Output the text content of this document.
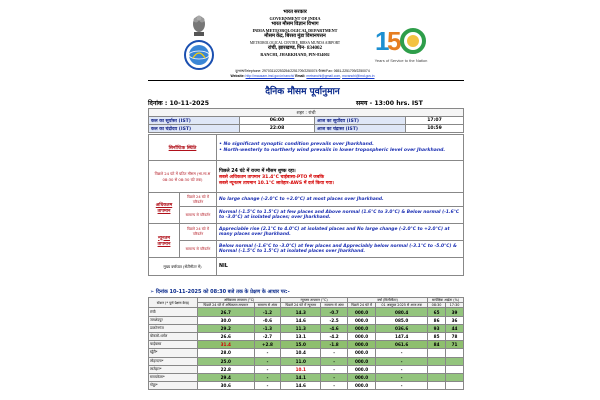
भारत सरकार
GOVERNMENT OF INDIA
भारत मौसम विज्ञान विभाग
INDIA METEOROLOGICAL DEPARTMENT
मौसम केंद्र, बिरसा मुंडा विमानपत्तन
METEOROLOGICAL CENTRE, BIRSA MUNDA AIRPORT
रांची, झारखण्ड, पिन- 834002
RANCHI, JHARKHAND, PIN-834002	1
5
Years of Service to the Nation
दूरभाष/Telephone: 2970311/2253254/2251709/2250074 फैक्स/Fax: 0651-2251709/2250074
Website: http://mausam.imd.gov.in/ranchi/ Email: metranchi@gmail.com, mcranchi@imd.gov.in
दैनिक मौसम पूर्वानुमान
दिनांक : 10-11-2025	समय - 13:00 hrs. IST
शहर : रांची			
कल का सूर्यास्त (IST)	06:00	आज का सूर्योदय (IST)	17:07
कल का चंद्रोदय (IST)	22:08	आज का चंद्रास्त (IST)	10:59
सिनॉप्टिक स्थिति		• No significant synoptic condition prevails over Jharkhand.
• North-westerly to northerly wind prevails in lower tropospheric level over Jharkhand.

पिछले 24 घंटे में घटित मौसम (भा.मा.स 08:30 से 08:30 घंटे तक)		पिछले 24 घंटे में राज्य में मौसम शुष्क रहा।
सबसे अधिकतम तापमान 31.4°C चाईबासा-PTO में जबकि
सबसे न्यूनतम तापमान 10.1°C लातेहार-AWS में दर्ज किया गया।

अधिकतम तापमान	पिछले 24 घंटे में परिवर्तन	No large change (-2.0°C to +2.0°C) at most places over Jharkhand.
	सामान्य से परिवर्तन	Normal (-1.5°C to 1.5°C) at few places and Above normal (1.6°C to 3.0°C) & Below normal (-1.6°C to -3.0°C) at isolated places; over Jharkhand.
न्यूनतम तापमान	पिछले 24 घंटे में परिवर्तन	Appreciable rise (2.1°C to 4.0°C) at isolated places and No large change (-2.0°C to +2.0°C) at many places over Jharkhand.
	सामान्य से परिवर्तन	Below normal (-1.6°C to -3.0°C) at few places and Appreciably below normal (-3.1°C to -5.0°C) & Normal (-1.5°C to 1.5°C) at isolated places over Jharkhand.
मुख्य वर्षापात (सेंटीमीटर में)		NIL
➢ दिनांक 10-11-2025 को 08:30 बजे तक के प्रेक्षण के आधार पर:-
स्टेशन (* पूर्ण प्रेक्षण केन्द्र)	अधिकतम तापमान (°C)		न्यूनतम तापमान (°C)		वर्षा (मिलीमीटर)		सापेक्षिक आर्द्रता (%)	
	पिछले 24 घंटे में अधिकतम तापमान	सामान्य से अंतर	पिछले 24 घंटे में न्यूनतम	सामान्य से अंतर	पिछले 24 घंटे में	01 अक्टूबर 2025 से आज तक	08:30	17:30
रांची	26.7	-1.2	14.3	-0.7	000.0	080.4	65	39
जमशेदपुर	30.0	-0.6	14.6	-2.5	000.0	085.0	86	36
डालटेनगंज	29.2	-1.3	11.3	-4.6	000.0	036.6	93	44
बोकारो-थर्मल	26.6	-2.7	13.1	-4.2	000.0	147.4	85	78
चाईबासा	31.4	+2.8	15.0	-1.8	000.0	061.6	84	71
खूँटी*	28.0	-	10.4	-	000.0	-		
लोहरदगा*	25.0	-	11.0	-	000.0	-		
लातेहार*	22.8	-	10.1	-	000.0	-		
सरायकेला*	29.4	-	14.1	-	000.0	-		
गोड्डा*	30.6	-	14.6	-	000.0	-		
